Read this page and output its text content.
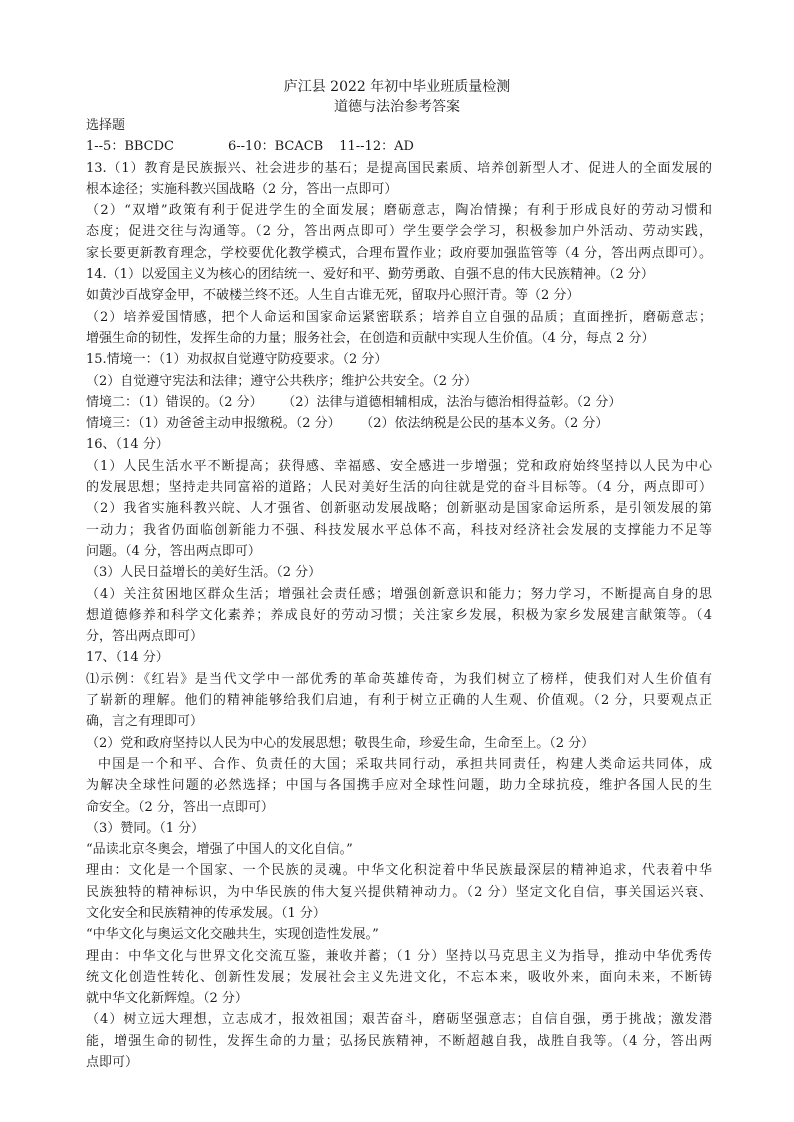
庐江县 2022 年初中毕业班质量检测
道德与法治参考答案
选择题
1--5：BBCDC	6--10：BCACB 11--12：AD
13.（1）教育是民族振兴、社会进步的基石；是提高国民素质、培养创新型人才、促进人的全面发展的
根本途径；实施科教兴国战略（2 分，答出一点即可）
（2）“双增”政策有利于促进学生的全面发展；磨砺意志，陶冶情操；有利于形成良好的劳动习惯和
态度；促进交往与沟通等。（2 分，答出两点即可）学生要学会学习，积极参加户外活动、劳动实践，
家长要更新教育理念，学校要优化教学模式，合理布置作业；政府要加强监管等（4 分，答出两点即可）。
14.（1）以爱国主义为核心的团结统一、爱好和平、勤劳勇敢、自强不息的伟大民族精神。（2 分）
如黄沙百战穿金甲，不破楼兰终不还。人生自古谁无死，留取丹心照汗青。等（2 分）
（2）培养爱国情感，把个人命运和国家命运紧密联系；培养自立自强的品质；直面挫折，磨砺意志；
增强生命的韧性，发挥生命的力量；服务社会，在创造和贡献中实现人生价值。（4 分，每点 2 分）
15.情境一：（1）劝叔叔自觉遵守防疫要求。（2 分）
（2）自觉遵守宪法和法律；遵守公共秩序；维护公共安全。（2 分）
情境二：（1）错误的。（2 分） （2）法律与道德相辅相成，法治与德治相得益彰。（2 分）
情境三：（1）劝爸爸主动申报缴税。（2 分） （2）依法纳税是公民的基本义务。（2 分）
16、（14 分）
（1）人民生活水平不断提高；获得感、幸福感、安全感进一步增强；党和政府始终坚持以人民为中心
的发展思想；坚持走共同富裕的道路；人民对美好生活的向往就是党的奋斗目标等。（4 分，两点即可）
（2）我省实施科教兴皖、人才强省、创新驱动发展战略；创新驱动是国家命运所系，是引领发展的第
一动力；我省仍面临创新能力不强、科技发展水平总体不高，科技对经济社会发展的支撑能力不足等
问题。（4 分，答出两点即可）
（3）人民日益增长的美好生活。（2 分）
（4）关注贫困地区群众生活；增强社会责任感；增强创新意识和能力；努力学习，不断提高自身的思
想道德修养和科学文化素养；养成良好的劳动习惯；关注家乡发展，积极为家乡发展建言献策等。（4
分，答出两点即可）
17、（14 分）
⑴示例：《红岩》是当代文学中一部优秀的革命英雄传奇，为我们树立了榜样，使我们对人生价值有
了崭新的理解。他们的精神能够给我们启迪，有利于树立正确的人生观、价值观。（2 分，只要观点正
确，言之有理即可）
（2）党和政府坚持以人民为中心的发展思想；敬畏生命，珍爱生命，生命至上。（2 分）
中国是一个和平、合作、负责任的大国；采取共同行动，承担共同责任，构建人类命运共同体，成
为解决全球性问题的必然选择；中国与各国携手应对全球性问题，助力全球抗疫，维护各国人民的生
命安全。（2 分，答出一点即可）
（3）赞同。（1 分）
“品读北京冬奥会，增强了中国人的文化自信。”
理由：文化是一个国家、一个民族的灵魂。中华文化积淀着中华民族最深层的精神追求，代表着中华
民族独特的精神标识，为中华民族的伟大复兴提供精神动力。（2 分）坚定文化自信，事关国运兴衰、
文化安全和民族精神的传承发展。（1 分）
“中华文化与奥运文化交融共生，实现创造性发展。”
理由：中华文化与世界文化交流互鉴，兼收并蓄；（1 分）坚持以马克思主义为指导，推动中华优秀传
统文化创造性转化、创新性发展；发展社会主义先进文化，不忘本来，吸收外来，面向未来，不断铸
就中华文化新辉煌。（2 分）
（4）树立远大理想，立志成才，报效祖国；艰苦奋斗，磨砺坚强意志；自信自强，勇于挑战；激发潜
能，增强生命的韧性，发挥生命的力量；弘扬民族精神，不断超越自我，战胜自我等。（4 分，答出两
点即可）
